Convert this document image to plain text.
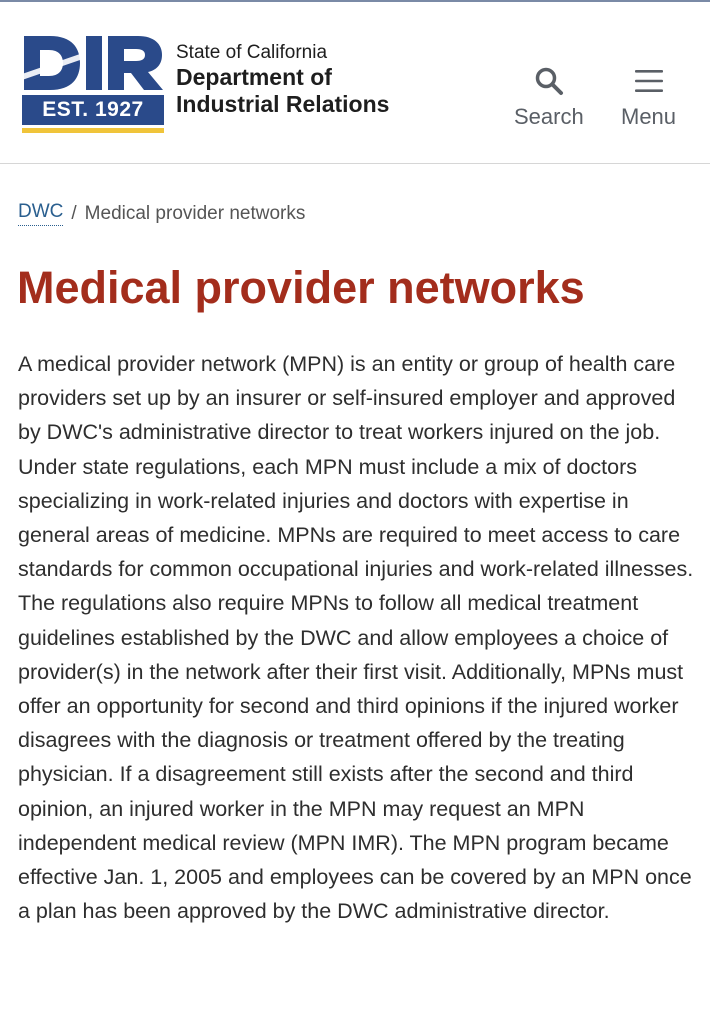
EST. 1927
State of California
Department of
Industrial Relations	Search Menu
DWC / Medical provider networks
Medical provider networks

A medical provider network (MPN) is an entity or group of health care providers set up by an insurer or self-insured employer and approved by DWC's administrative director to treat workers injured on the job. Under state regulations, each MPN must include a mix of doctors specializing in work-related injuries and doctors with expertise in general areas of medicine. MPNs are required to meet access to care standards for common occupational injuries and work-related illnesses. The regulations also require MPNs to follow all medical treatment guidelines established by the DWC and allow employees a choice of provider(s) in the network after their first visit. Additionally, MPNs must offer an opportunity for second and third opinions if the injured worker disagrees with the diagnosis or treatment offered by the treating physician. If a disagreement still exists after the second and third opinion, an injured worker in the MPN may request an MPN independent medical review (MPN IMR). The MPN program became effective Jan. 1, 2005 and employees can be covered by an MPN once a plan has been approved by the DWC administrative director.
